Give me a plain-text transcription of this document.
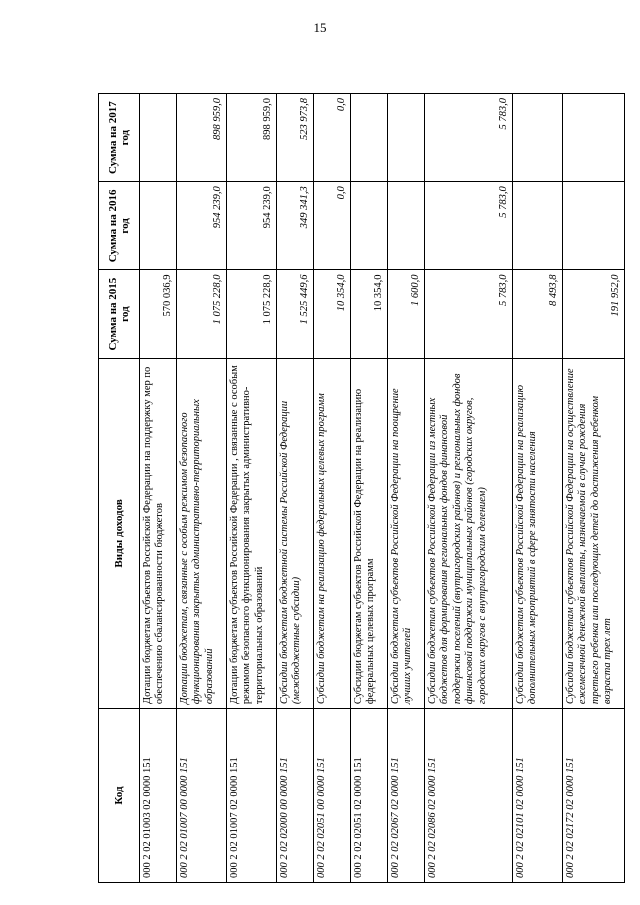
15
Код	Виды доходов	Сумма на 2015 год	Сумма на 2016 год	Сумма на 2017 год
000 2 02 01003 02 0000 151	Дотации бюджетам субъектов Российской Федерации на поддержку мер по обеспечению сбалансированности бюджетов	570 036,9		
000 2 02 01007 00 0000 151	Дотации бюджетам, связанные с особым режимом безопасного функционирования закрытых административно-территориальных образований	1 075 228,0	954 239,0	898 959,0
000 2 02 01007 02 0000 151	Дотации бюджетам субъектов Российской Федерации , связанные с особым режимом безопасного функционирования закрытых административно-территориальных образований	1 075 228,0	954 239,0	898 959,0
000 2 02 02000 00 0000 151	Субсидии бюджетам бюджетной системы Российской Федерации (межбюджетные субсидии)	1 525 449,6	349 341,3	523 973,8
000 2 02 02051 00 0000 151	Субсидии бюджетам на реализацию федеральных целевых программ	10 354,0	0,0	0,0
000 2 02 02051 02 0000 151	Субсидии бюджетам субъектов Российской Федерации на реализацию федеральных целевых программ	10 354,0		
000 2 02 02067 02 0000 151	Субсидии бюджетам субъектов Российской Федерации на поощрение лучших учителей	1 600,0		
000 2 02 02086 02 0000 151	Субсидии бюджетам субъектов Российской Федерации из местных бюджетов для формирования региональных фондов финансовой поддержки поселений (внутригородских районов) и региональных фондов финансовой поддержки муниципальных районов (городских округов, городских округов с внутригородским делением)	5 783,0	5 783,0	5 783,0
000 2 02 02101 02 0000 151	Субсидии бюджетам субъектов Российской Федерации на реализацию дополнительных мероприятий в сфере занятости населения	8 493,8		
000 2 02 02172 02 0000 151	Субсидии бюджетам субъектов Российской Федерации на осуществление ежемесячной денежной выплаты, назначаемой в случае рождения третьего ребенка или последующих детей до достижения ребенком возраста трех лет	191 952,0		
